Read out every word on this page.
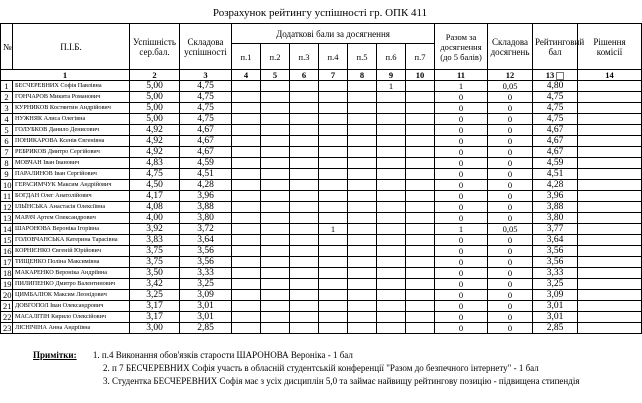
Розрахунок рейтингу успішності гр. ОПК 411
№	П.І.Б.	Успішність сер.бал.	Складова успішності	Додаткові бали за досягнення							Разом за досягнення (до 5 балів)	Складова досягнень	Рейтинговий бал	Рішення комісії
				п.1	п.2	п.3	п.4	п.5	п.6	п.7				
1		2	3	4	5	6	7	8	9	10	11	12	13	14
1	БЕСЧЕРЕВНИХ Софія Павлівна	5,00	4,75						1		1	0,05	4,80	
2	ГОНЧАРОВ Микита Романович	5,00	4,75								0	0	4,75	
3	КУРНИКОВ Костянтин Андрійович	5,00	4,75								0	0	4,75	
4	НУЖНЯК Алиса Олегівна	5,00	4,75								0	0	4,75	
5	ГОЛУБКОВ Данило Денисович	4,92	4,67								0	0	4,67	
6	ПОНИКАРОВА Ксенія Євгенівна	4,92	4,67								0	0	4,67	
7	РЕБРИКОВ Дмитро Сергійович	4,92	4,67								0	0	4,67	
8	МОВЧАН Іван Іванович	4,83	4,59								0	0	4,59	
9	ПАРАЛИНОВ Іван Сергійович	4,75	4,51								0	0	4,51	
10	ГЕРАСИМЧУК Максим Андрійович	4,50	4,28								0	0	4,28	
11	БОГДАН Олег Анатолійович	4,17	3,96								0	0	3,96	
12	ІЛЬЇНСЬКА Анастасія Олексіївна	4,08	3,88								0	0	3,88	
13	МАРАЧ Артем Олександрович	4,00	3,80								0	0	3,80	
14	ШАРОНОВА Вероніка Ігорівна	3,92	3,72				1				1	0,05	3,77	
15	ГОЛОВЧАНСЬКА Катерина Тарасівна	3,83	3,64								0	0	3,64	
16	КОРНІЄНКО Євгеній Юрійович	3,75	3,56								0	0	3,56	
17	ТИЩЕНКО Поліна Максимівна	3,75	3,56								0	0	3,56	
18	МАКАРЕНКО Вероніка Андріївна	3,50	3,33								0	0	3,33	
19	ПИЛИПЕНКО Дмитро Валентинович	3,42	3,25								0	0	3,25	
20	ЦИМБАЛЮК Максим Леонідович	3,25	3,09								0	0	3,09	
21	ДОВГОПОЛ Іван Олександрович	3,17	3,01								0	0	3,01	
22	МАСАЛІТІН Кирило Олексійович	3,17	3,01								0	0	3,01	
23	ЛІСНІЧІНА Анна Андріївна	3,00	2,85								0	0	2,85	
Примітки: 1. п.4 Виконання обов'язків старости ШАРОНОВА Вероніка - 1 бал
2. п 7 БЕСЧЕРЕВНИХ Софія участь в обласній студентській конференції "Разом до безпечного інтернету" - 1 бал
3. Студентка БЕСЧЕРЕВНИХ Софія має з усіх дисциплін 5,0 та займає найвищу рейтингову позицію - підвищена стипендія
